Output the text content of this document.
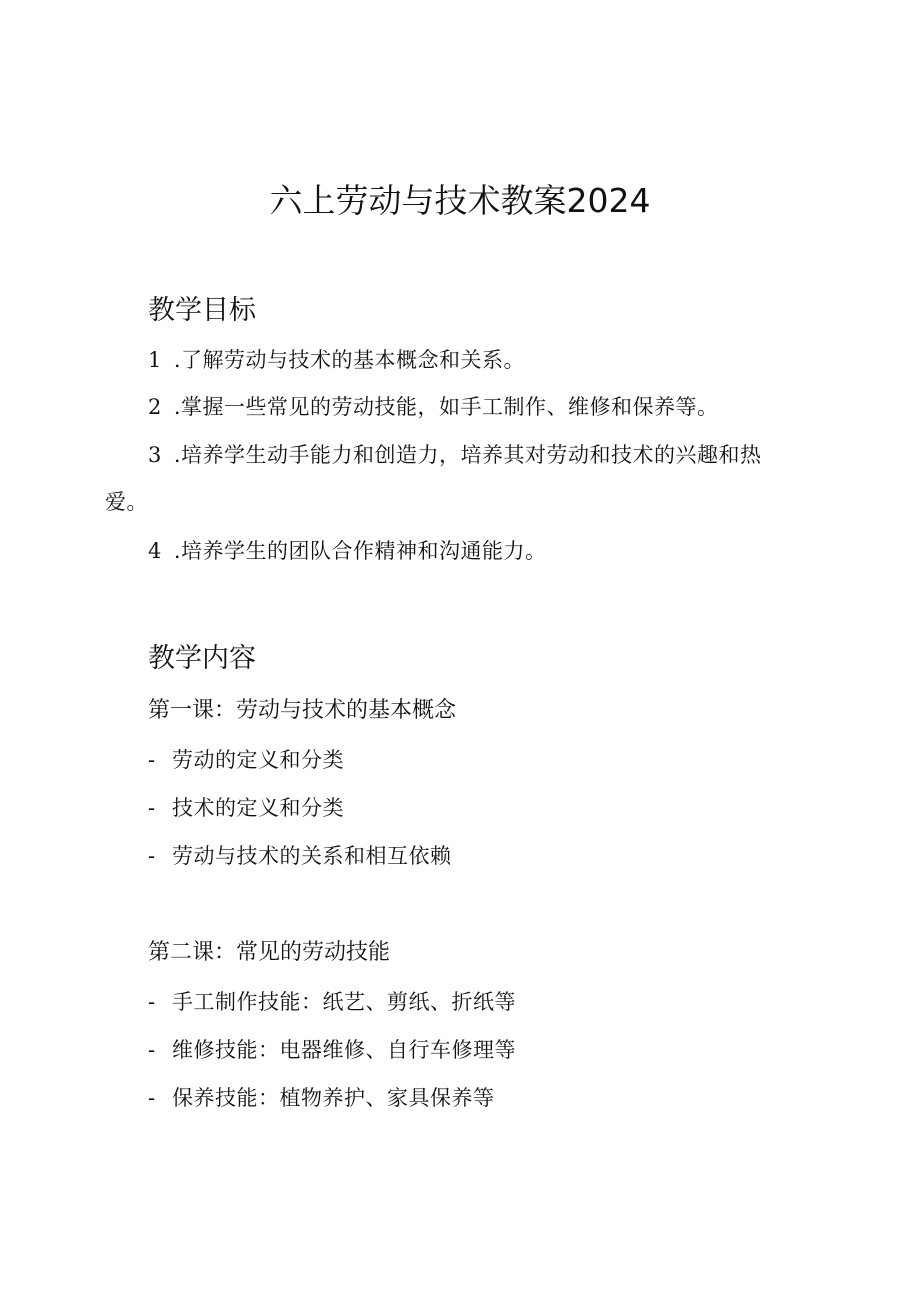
六上劳动与技术教案2024
教学目标
1 .了解劳动与技术的基本概念和关系。
2 .掌握一些常见的劳动技能，如手工制作、维修和保养等。
3 .培养学生动手能力和创造力，培养其对劳动和技术的兴趣和热
爱。
4 .培养学生的团队合作精神和沟通能力。
教学内容
第一课：劳动与技术的基本概念
- 劳动的定义和分类
- 技术的定义和分类
- 劳动与技术的关系和相互依赖
第二课：常见的劳动技能
- 手工制作技能：纸艺、剪纸、折纸等
- 维修技能：电器维修、自行车修理等
- 保养技能：植物养护、家具保养等
